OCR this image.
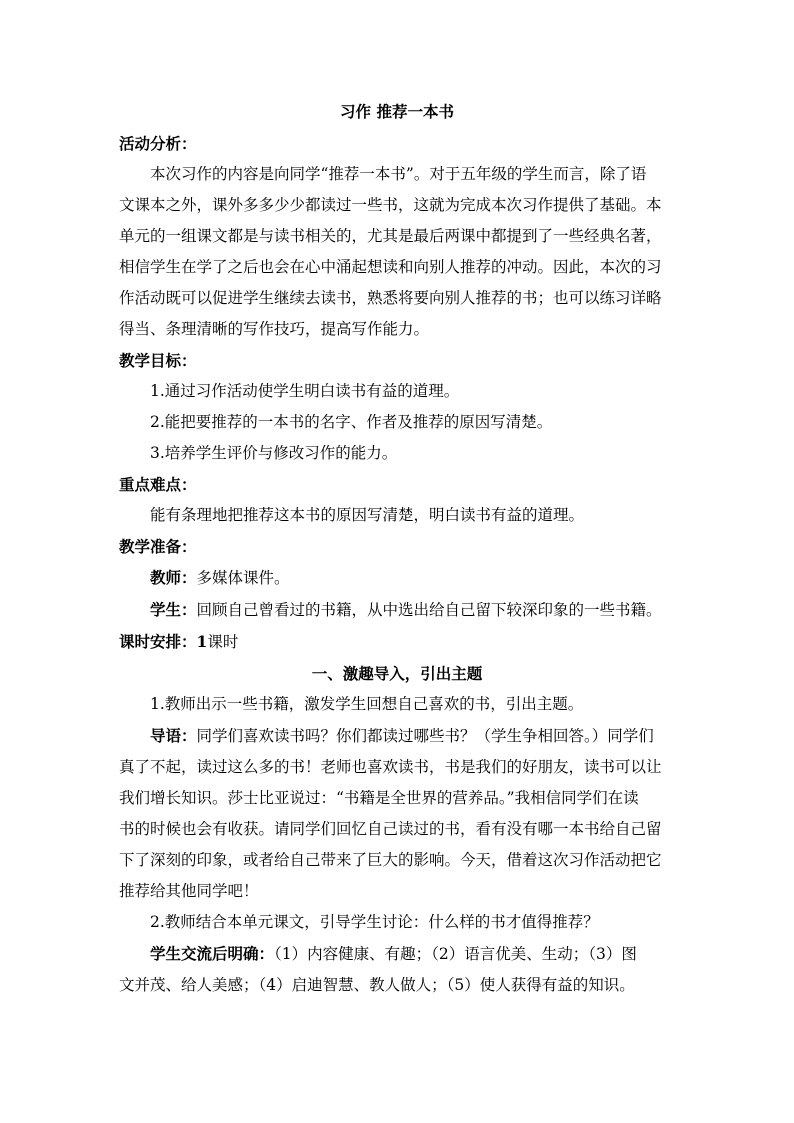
习作 推荐一本书
活动分析：
本次习作的内容是向同学“推荐一本书”。对于五年级的学生而言，除了语
文课本之外，课外多多少少都读过一些书，这就为完成本次习作提供了基础。本
单元的一组课文都是与读书相关的，尤其是最后两课中都提到了一些经典名著，
相信学生在学了之后也会在心中涌起想读和向别人推荐的冲动。因此，本次的习
作活动既可以促进学生继续去读书，熟悉将要向别人推荐的书；也可以练习详略
得当、条理清晰的写作技巧，提高写作能力。
教学目标：
1.通过习作活动使学生明白读书有益的道理。
2.能把要推荐的一本书的名字、作者及推荐的原因写清楚。
3.培养学生评价与修改习作的能力。
重点难点：
能有条理地把推荐这本书的原因写清楚，明白读书有益的道理。
教学准备：
教师：多媒体课件。
学生：回顾自己曾看过的书籍，从中选出给自己留下较深印象的一些书籍。
课时安排：1课时
一、激趣导入，引出主题
1.教师出示一些书籍，激发学生回想自己喜欢的书，引出主题。
导语：同学们喜欢读书吗？你们都读过哪些书？（学生争相回答。）同学们
真了不起，读过这么多的书！老师也喜欢读书，书是我们的好朋友，读书可以让
我们增长知识。莎士比亚说过：“书籍是全世界的营养品。”我相信同学们在读
书的时候也会有收获。请同学们回忆自己读过的书，看有没有哪一本书给自己留
下了深刻的印象，或者给自己带来了巨大的影响。今天，借着这次习作活动把它
推荐给其他同学吧！
2.教师结合本单元课文，引导学生讨论：什么样的书才值得推荐？
学生交流后明确：（1）内容健康、有趣；（2）语言优美、生动；（3）图
文并茂、给人美感；（4）启迪智慧、教人做人；（5）使人获得有益的知识。
